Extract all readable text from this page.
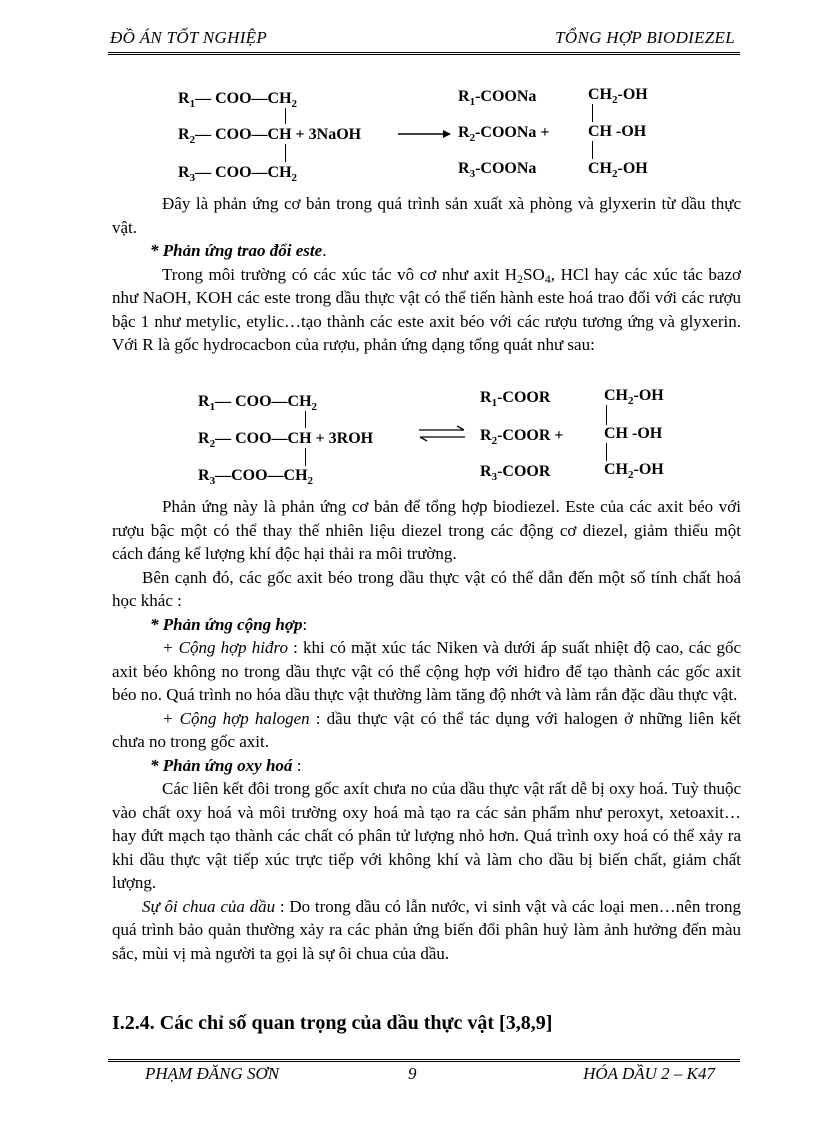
ĐỒ ÁN TỐT NGHIỆP	TỔNG HỢP BIODIEZEL
$R_1—$ $COO—CH_2$
$R_2—$ COO—CH + 3NaOH
$R_3—$ $COO—CH_2$
$R_1$-COONa
$R_2$-COONa +
$R_3$-COONa
$CH_2-OH$
CH -OH
$CH_2-OH$

Đây là phản ứng cơ bản trong quá trình sản xuất xà phòng và glyxerin từ dầu thực vật.

* Phản ứng trao đổi este.

Trong môi trường có các xúc tác vô cơ như axit $H_2SO_4$, HCl hay các xúc tác bazơ như NaOH, KOH các este trong dầu thực vật có thể tiến hành este hoá trao đổi với các rượu bậc 1 như metylic, etylic…tạo thành các este axit béo với các rượu tương ứng và glyxerin. Với R là gốc hydrocacbon của rượu, phản ứng dạng tổng quát như sau:

$R_1—$ $COO—CH_2$
$R_2—$ COO—CH + 3ROH
$R_3—COO—CH_2$
$R_1$-COOR
$R_2$-COOR +
$R_3$-COOR
$CH_2-OH$
CH -OH
$CH_2-OH$

Phản ứng này là phản ứng cơ bản để tổng hợp biodiezel. Este của các axit béo với rượu bậc một có thể thay thế nhiên liệu diezel trong các động cơ diezel, giảm thiểu một cách đáng kể lượng khí độc hại thải ra môi trường.

Bên cạnh đó, các gốc axit béo trong dầu thực vật có thể dẫn đến một số tính chất hoá học khác :

* Phản ứng cộng hợp:

+ Cộng hợp hiđro : khi có mặt xúc tác Niken và dưới áp suất nhiệt độ cao, các gốc axit béo không no trong dầu thực vật có thể cộng hợp với hiđro để tạo thành các gốc axit béo no. Quá trình no hóa dầu thực vật thường làm tăng độ nhớt và làm rắn đặc dầu thực vật.

+ Cộng hợp halogen : dầu thực vật có thể tác dụng với halogen ở những liên kết chưa no trong gốc axit.

* Phản ứng oxy hoá :

Các liên kết đôi trong gốc axít chưa no của dầu thực vật rất dễ bị oxy hoá. Tuỳ thuộc vào chất oxy hoá và môi trường oxy hoá mà tạo ra các sản phẩm như peroxyt, xetoaxit…hay đứt mạch tạo thành các chất có phân tử lượng nhỏ hơn. Quá trình oxy hoá có thể xảy ra khi dầu thực vật tiếp xúc trực tiếp với không khí và làm cho dầu bị biến chất, giảm chất lượng.

Sự ôi chua của dầu : Do trong dầu có lẫn nước, vi sinh vật và các loại men…nên trong quá trình bảo quản thường xảy ra các phản ứng biến đổi phân huỷ làm ảnh hưởng đến màu sắc, mùi vị mà người ta gọi là sự ôi chua của dầu.

I.2.4. Các chỉ số quan trọng của dầu thực vật [3,8,9]
PHẠM ĐĂNG SƠN	9	HÓA DẦU 2 – K47
